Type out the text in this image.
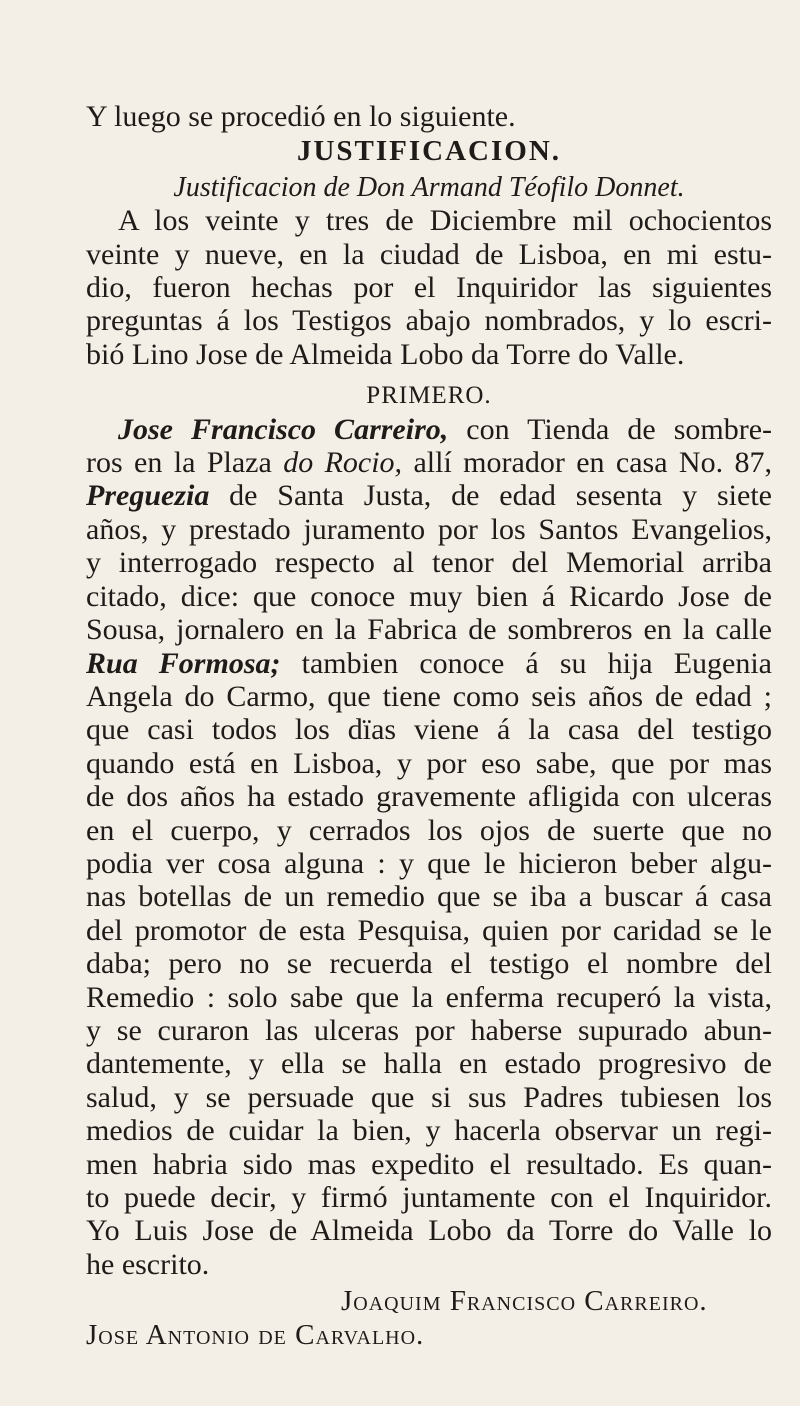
Y luego se procedió en lo siguiente.
JUSTIFICACION.
Justificacion de Don Armand Téofilo Donnet.
A los veinte y tres de Diciembre mil ochocientos
veinte y nueve, en la ciudad de Lisboa, en mi estu-
dio, fueron hechas por el Inquiridor las siguientes
preguntas á los Testigos abajo nombrados, y lo escri-
bió Lino Jose de Almeida Lobo da Torre do Valle.
PRIMERO.
Jose Francisco Carreiro, con Tienda de sombre-
ros en la Plaza do Rocio, allí morador en casa No. 87,
Preguezia de Santa Justa, de edad sesenta y siete
años, y prestado juramento por los Santos Evangelios,
y interrogado respecto al tenor del Memorial arriba
citado, dice: que conoce muy bien á Ricardo Jose de
Sousa, jornalero en la Fabrica de sombreros en la calle
Rua Formosa; tambien conoce á su hija Eugenia
Angela do Carmo, que tiene como seis años de edad ;
que casi todos los dïas viene á la casa del testigo
quando está en Lisboa, y por eso sabe, que por mas
de dos años ha estado gravemente afligida con ulceras
en el cuerpo, y cerrados los ojos de suerte que no
podia ver cosa alguna : y que le hicieron beber algu-
nas botellas de un remedio que se iba a buscar á casa
del promotor de esta Pesquisa, quien por caridad se le
daba; pero no se recuerda el testigo el nombre del
Remedio : solo sabe que la enferma recuperó la vista,
y se curaron las ulceras por haberse supurado abun-
dantemente, y ella se halla en estado progresivo de
salud, y se persuade que si sus Padres tubiesen los
medios de cuidar la bien, y hacerla observar un regi-
men habria sido mas expedito el resultado. Es quan-
to puede decir, y firmó juntamente con el Inquiridor.
Yo Luis Jose de Almeida Lobo da Torre do Valle lo
he escrito.
Joaquim Francisco Carreiro.
Jose Antonio de Carvalho.
